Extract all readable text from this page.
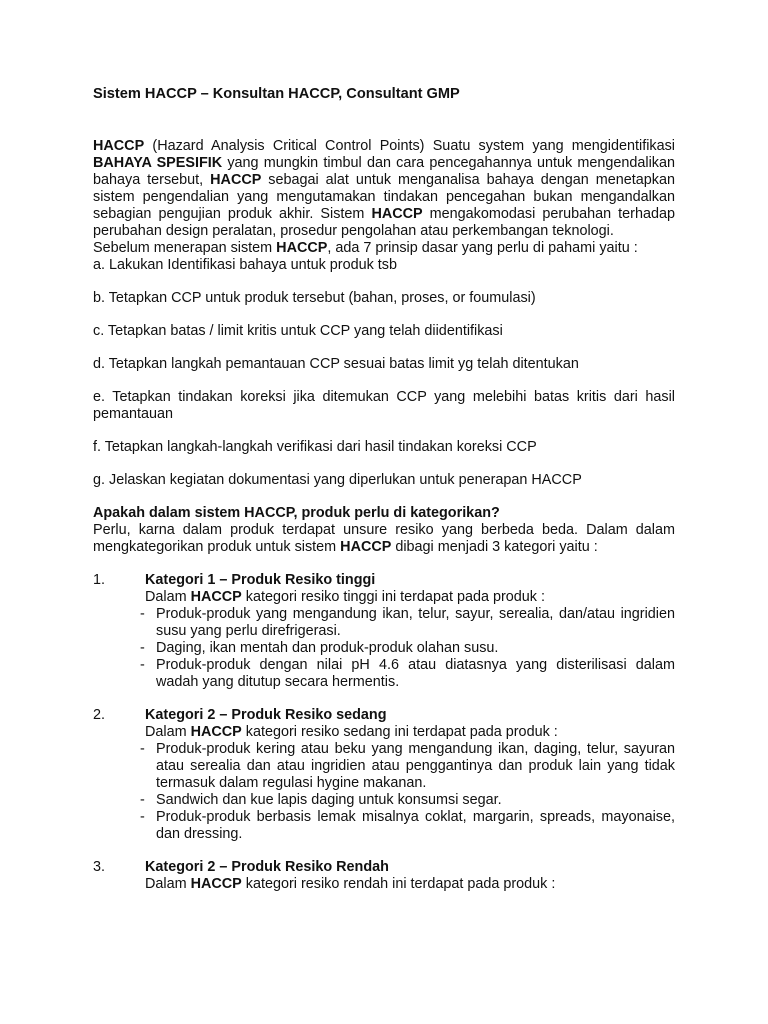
Sistem HACCP – Konsultan HACCP, Consultant GMP

HACCP (Hazard Analysis Critical Control Points) Suatu system yang mengidentifikasi BAHAYA SPESIFIK yang mungkin timbul dan cara pencegahannya untuk mengendalikan bahaya tersebut, HACCP sebagai alat untuk menganalisa bahaya dengan menetapkan sistem pengendalian yang mengutamakan tindakan pencegahan bukan mengandalkan sebagian pengujian produk akhir. Sistem HACCP mengakomodasi perubahan terhadap perubahan design peralatan, prosedur pengolahan atau perkembangan teknologi.

Sebelum menerapan sistem HACCP, ada 7 prinsip dasar yang perlu di pahami yaitu :

a. Lakukan Identifikasi bahaya untuk produk tsb

b. Tetapkan CCP untuk produk tersebut (bahan, proses, or foumulasi)

c. Tetapkan batas / limit kritis untuk CCP yang telah diidentifikasi

d. Tetapkan langkah pemantauan CCP sesuai batas limit yg telah ditentukan

e. Tetapkan tindakan koreksi jika ditemukan CCP yang melebihi batas kritis dari hasil pemantauan

f. Tetapkan langkah-langkah verifikasi dari hasil tindakan koreksi CCP

g. Jelaskan kegiatan dokumentasi yang diperlukan untuk penerapan HACCP

Apakah dalam sistem HACCP, produk perlu di kategorikan?

Perlu, karna dalam produk terdapat unsure resiko yang berbeda beda. Dalam dalam mengkategorikan produk untuk sistem HACCP dibagi menjadi 3 kategori yaitu :

1.	Kategori 1 – Produk Resiko tinggi
Dalam HACCP kategori resiko tinggi ini terdapat pada produk :
- Produk-produk yang mengandung ikan, telur, sayur, serealia, dan/atau ingridien susu yang perlu direfrigerasi.
- Daging, ikan mentah dan produk-produk olahan susu.
- Produk-produk dengan nilai pH 4.6 atau diatasnya yang disterilisasi dalam wadah yang ditutup secara hermentis.
2.	Kategori 2 – Produk Resiko sedang
Dalam HACCP kategori resiko sedang ini terdapat pada produk :
- Produk-produk kering atau beku yang mengandung ikan, daging, telur, sayuran atau serealia dan atau ingridien atau penggantinya dan produk lain yang tidak termasuk dalam regulasi hygine makanan.
- Sandwich dan kue lapis daging untuk konsumsi segar.
- Produk-produk berbasis lemak misalnya coklat, margarin, spreads, mayonaise, dan dressing.
3.	Kategori 2 – Produk Resiko Rendah
Dalam HACCP kategori resiko rendah ini terdapat pada produk :
